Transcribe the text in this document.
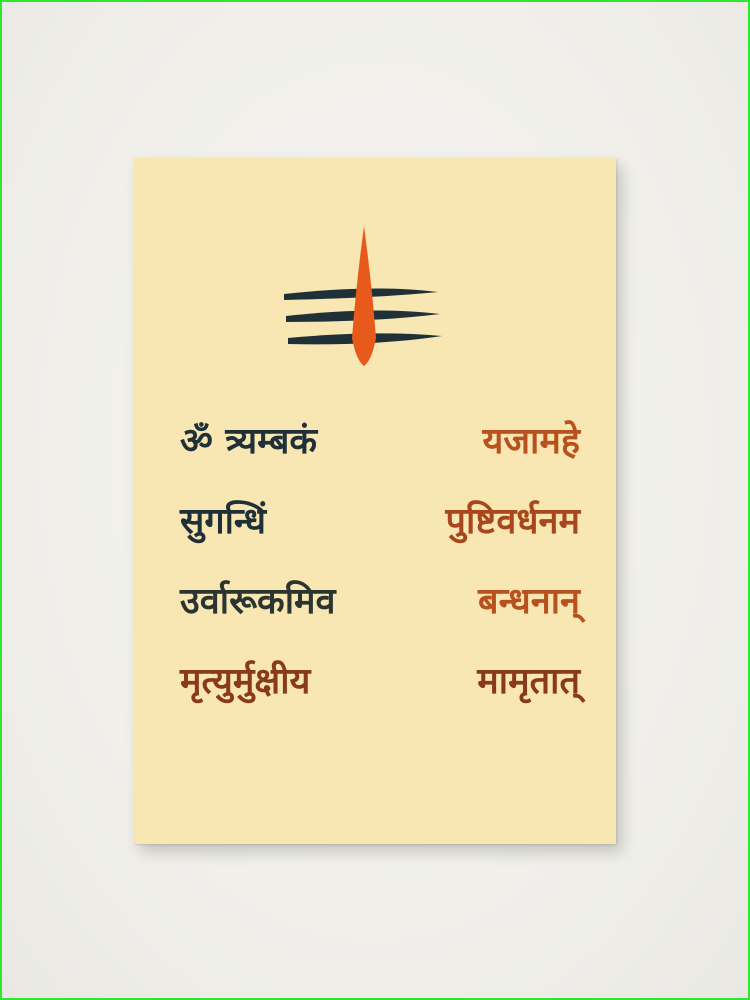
ॐ त्र्यम्बकं	यजामहे
सुगन्धिं	पुष्टिवर्धनम
उर्वारूकमिव	बन्धनान्
मृत्युर्मुक्षीय	मामृतात्
